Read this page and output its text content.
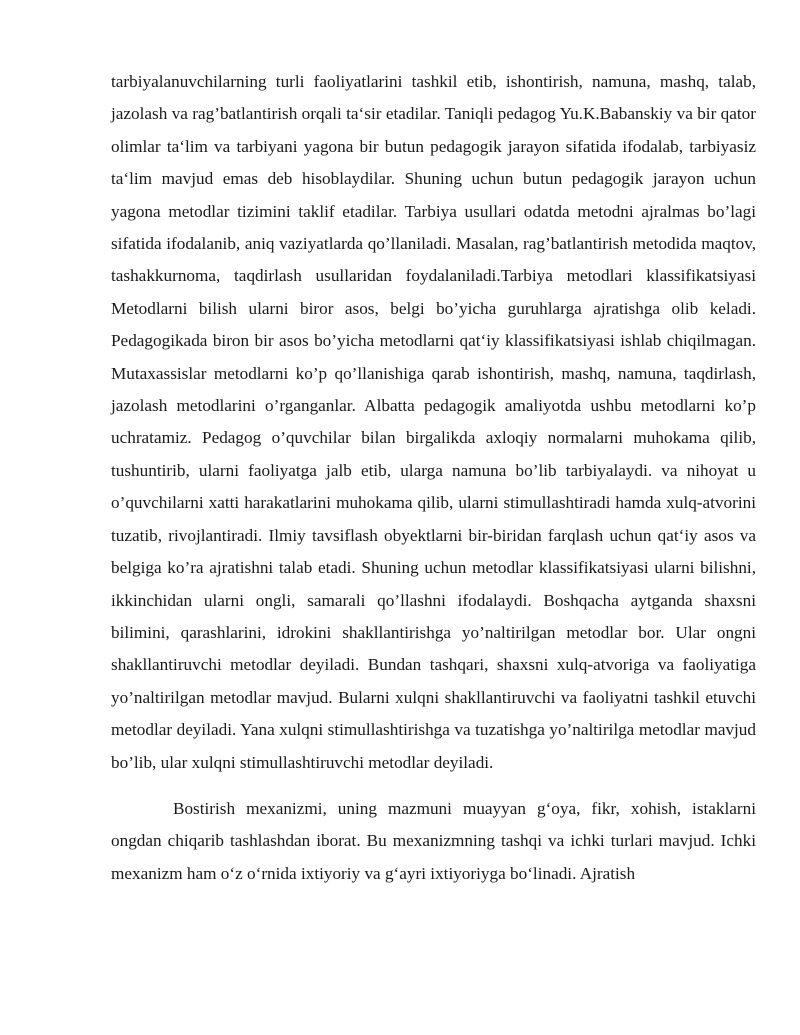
tarbiyalanuvchilarning turli faoliyatlarini tashkil etib, ishontirish, namuna, mashq, talab, jazolash va rag’batlantirish orqali ta‘sir etadilar. Taniqli pedagog Yu.K.Babanskiy va bir qator olimlar ta‘lim va tarbiyani yagona bir butun pedagogik jarayon sifatida ifodalab, tarbiyasiz ta‘lim mavjud emas deb hisoblaydilar. Shuning uchun butun pedagogik jarayon uchun yagona metodlar tizimini taklif etadilar. Tarbiya usullari odatda metodni ajralmas bo’lagi sifatida ifodalanib, aniq vaziyatlarda qo’llaniladi. Masalan, rag’batlantirish metodida maqtov, tashakkurnoma, taqdirlash usullaridan foydalaniladi.Tarbiya metodlari klassifikatsiyasi Metodlarni bilish ularni biror asos, belgi bo’yicha guruhlarga ajratishga olib keladi. Pedagogikada biron bir asos bo’yicha metodlarni qat‘iy klassifikatsiyasi ishlab chiqilmagan. Mutaxassislar metodlarni ko’p qo’llanishiga qarab ishontirish, mashq, namuna, taqdirlash, jazolash metodlarini o’rganganlar. Albatta pedagogik amaliyotda ushbu metodlarni ko’p uchratamiz. Pedagog o’quvchilar bilan birgalikda axloqiy normalarni muhokama qilib, tushuntirib, ularni faoliyatga jalb etib, ularga namuna bo’lib tarbiyalaydi. va nihoyat u o’quvchilarni xatti harakatlarini muhokama qilib, ularni stimullashtiradi hamda xulq-atvorini tuzatib, rivojlantiradi. Ilmiy tavsiflash obyektlarni bir-biridan farqlash uchun qat‘iy asos va belgiga ko’ra ajratishni talab etadi. Shuning uchun metodlar klassifikatsiyasi ularni bilishni, ikkinchidan ularni ongli, samarali qo’llashni ifodalaydi. Boshqacha aytganda shaxsni bilimini, qarashlarini, idrokini shakllantirishga yo’naltirilgan metodlar bor. Ular ongni shakllantiruvchi metodlar deyiladi. Bundan tashqari, shaxsni xulq-atvoriga va faoliyatiga yo’naltirilgan metodlar mavjud. Bularni xulqni shakllantiruvchi va faoliyatni tashkil etuvchi metodlar deyiladi. Yana xulqni stimullashtirishga va tuzatishga yo’naltirilga metodlar mavjud bo’lib, ular xulqni stimullashtiruvchi metodlar deyiladi.

Bostirish mexanizmi, uning mazmuni muayyan g‘oya, fikr, xohish, istaklarni ongdan chiqarib tashlashdan iborat. Bu mexanizmning tashqi va ichki turlari mavjud. Ichki mexanizm ham o‘z o‘rnida ixtiyoriy va g‘ayri ixtiyoriyga bo‘linadi. Ajratish
